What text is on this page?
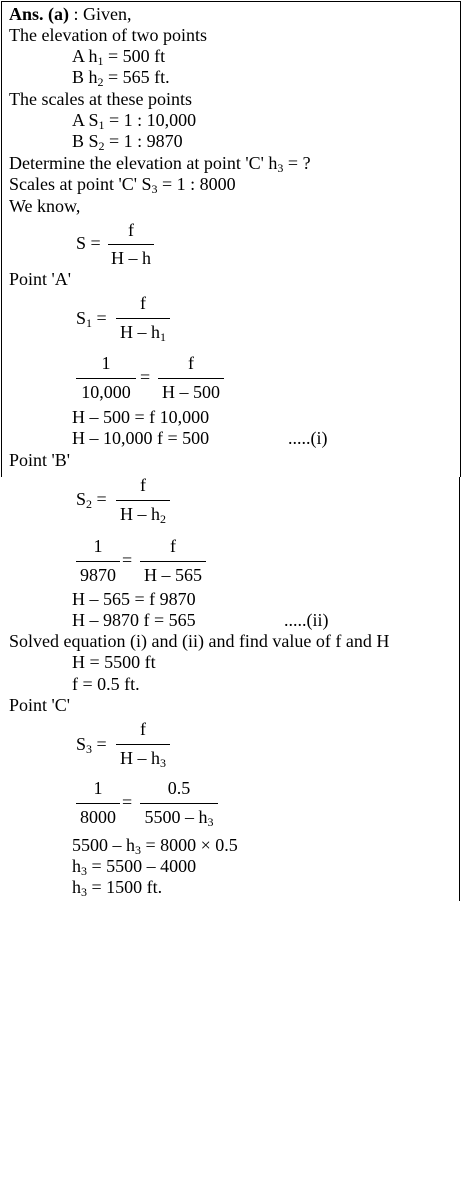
Ans. (a) : Given,
The elevation of two points
A $h_1 = 500$ ft
B $h_2 = 565$ ft.
The scales at these points
A $S_1 = 1$ : 10,000
B $S_2 = 1$ : 9870
Determine the elevation at point 'C' $h_3$ = ?
Scales at point 'C' $S_3 = 1$ : 8000
We know,
S =
f
H – h
Point 'A'
$S_1$ =
f
H – $h_1$
1
10,000
=
f
H – 500
H – 500 = f 10,000
H – 10,000 f = 500	.....(i)
Point 'B'
$S_2$ =
f
H – $h_2$
1
9870
=
f
H – 565
H – 565 = f 9870
H – 9870 f = 565	.....(ii)
Solved equation (i) and (ii) and find value of f and H
H = 5500 ft
f = 0.5 ft.
Point 'C'
$S_3$ =
f
H – $h_3$
1
8000
=
0.5
$5500 - h_3$
$5500 - h_3 = 8000 \times 0.5$
$h_3 = 5500 - 4000$
$h_3 = 1500$ ft.
